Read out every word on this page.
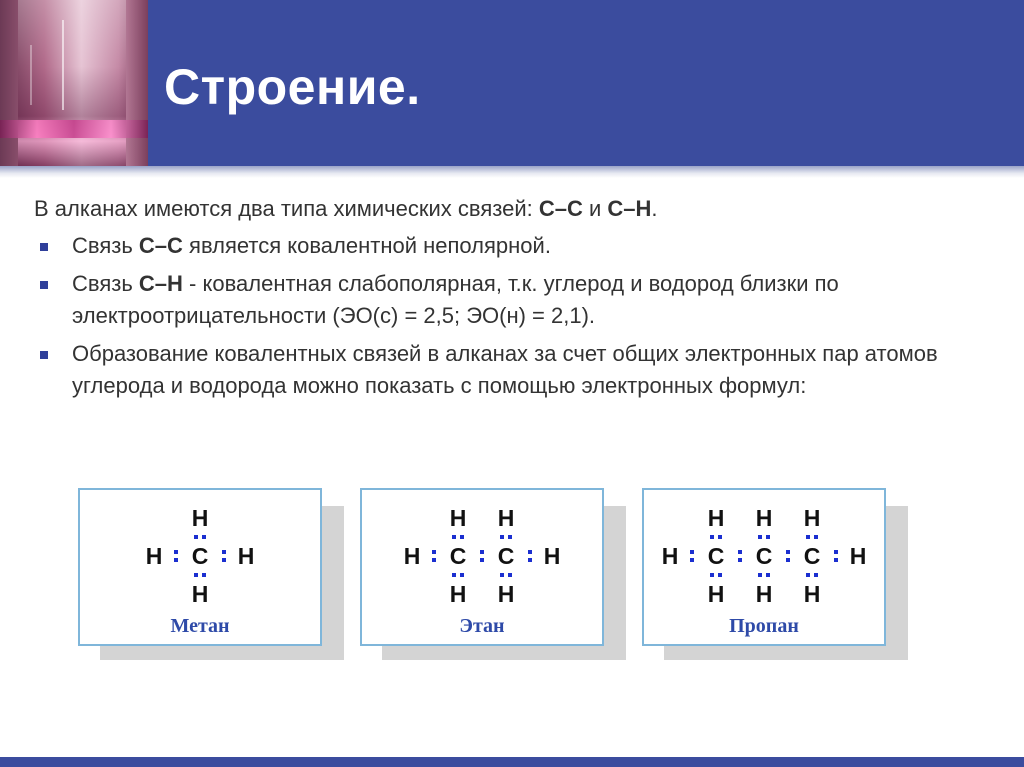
Строение.

В алканах имеются два типа химических связей: С–С и С–Н.

Связь С–С является ковалентной неполярной.
Связь С–Н - ковалентная слабополярная, т.к. углерод и водород близки по электроотрицательности (ЭО(с) = 2,5; ЭО(н) = 2,1).
Образование ковалентных связей в алканах за счет общих электронных пар атомов углерода и водорода можно показать с помощью электронных формул:
H
C
H
H	H
Метан
H
C
H
H
C
H
H	H
Этан
H
C
H
H
C
H
H
C
H
H	H
Пропан
